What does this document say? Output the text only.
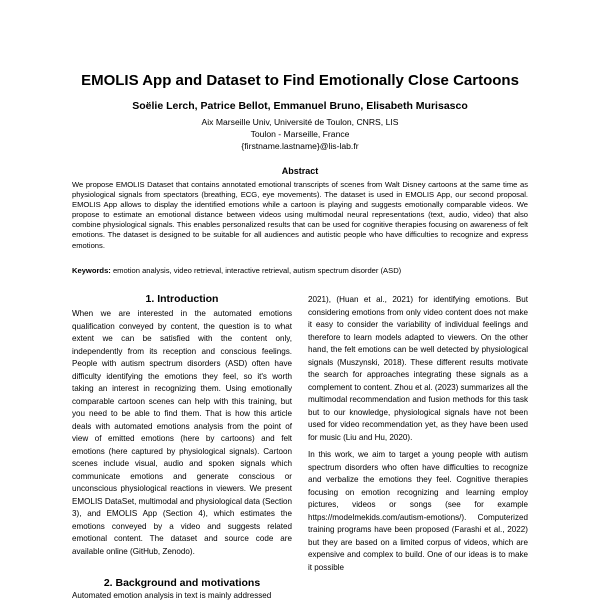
EMOLIS App and Dataset to Find Emotionally Close Cartoons
Soëlie Lerch, Patrice Bellot, Emmanuel Bruno, Elisabeth Murisasco
Aix Marseille Univ, Université de Toulon, CNRS, LIS
Toulon - Marseille, France
{firstname.lastname}@lis-lab.fr
Abstract
We propose EMOLIS Dataset that contains annotated emotional transcripts of scenes from Walt Disney cartoons at the same time as physiological signals from spectators (breathing, ECG, eye movements). The dataset is used in EMOLIS App, our second proposal. EMOLIS App allows to display the identified emotions while a cartoon is playing and suggests emotionally comparable videos. We propose to estimate an emotional distance between videos using multimodal neural representations (text, audio, video) that also combine physiological signals. This enables personalized results that can be used for cognitive therapies focusing on awareness of felt emotions. The dataset is designed to be suitable for all audiences and autistic people who have difficulties to recognize and express emotions.
Keywords: emotion analysis, video retrieval, interactive retrieval, autism spectrum disorder (ASD)
1. Introduction

When we are interested in the automated emotions qualification conveyed by content, the question is to what extent we can be satisfied with the content only, independently from its reception and conscious feelings. People with autism spectrum disorders (ASD) often have difficulty identifying the emotions they feel, so it's worth taking an interest in recognizing them. Using emotionally comparable cartoon scenes can help with this training, but you need to be able to find them. That is how this article deals with automated emotions analysis from the point of view of emitted emotions (here by cartoons) and felt emotions (here captured by physiological signals). Cartoon scenes include visual, audio and spoken signals which communicate emotions and generate conscious or unconscious physiological reactions in viewers. We present EMOLIS DataSet, multimodal and physiological data (Section 3), and EMOLIS App (Section 4), which estimates the emotions conveyed by a video and suggests related emotional content. The dataset and source code are available online (GitHub, Zenodo).

2. Background and motivations
Automated emotion analysis in text is mainly addressed

2021), (Huan et al., 2021) for identifying emotions. But considering emotions from only video content does not make it easy to consider the variability of individual feelings and therefore to learn models adapted to viewers. On the other hand, the felt emotions can be well detected by physiological signals (Muszynski, 2018). These different results motivate the search for approaches integrating these signals as a complement to content. Zhou et al. (2023) summarizes all the multimodal recommendation and fusion methods for this task but to our knowledge, physiological signals have not been used for video recommendation yet, as they have been used for music (Liu and Hu, 2020).

In this work, we aim to target a young people with autism spectrum disorders who often have difficulties to recognize and verbalize the emotions they feel. Cognitive therapies focusing on emotion recognizing and learning employ pictures, videos or songs (see for example https://modelmekids.com/autism-emotions/). Computerized training programs have been proposed (Farashi et al., 2022) but they are based on a limited corpus of videos, which are expensive and complex to build. One of our ideas is to make it possible
